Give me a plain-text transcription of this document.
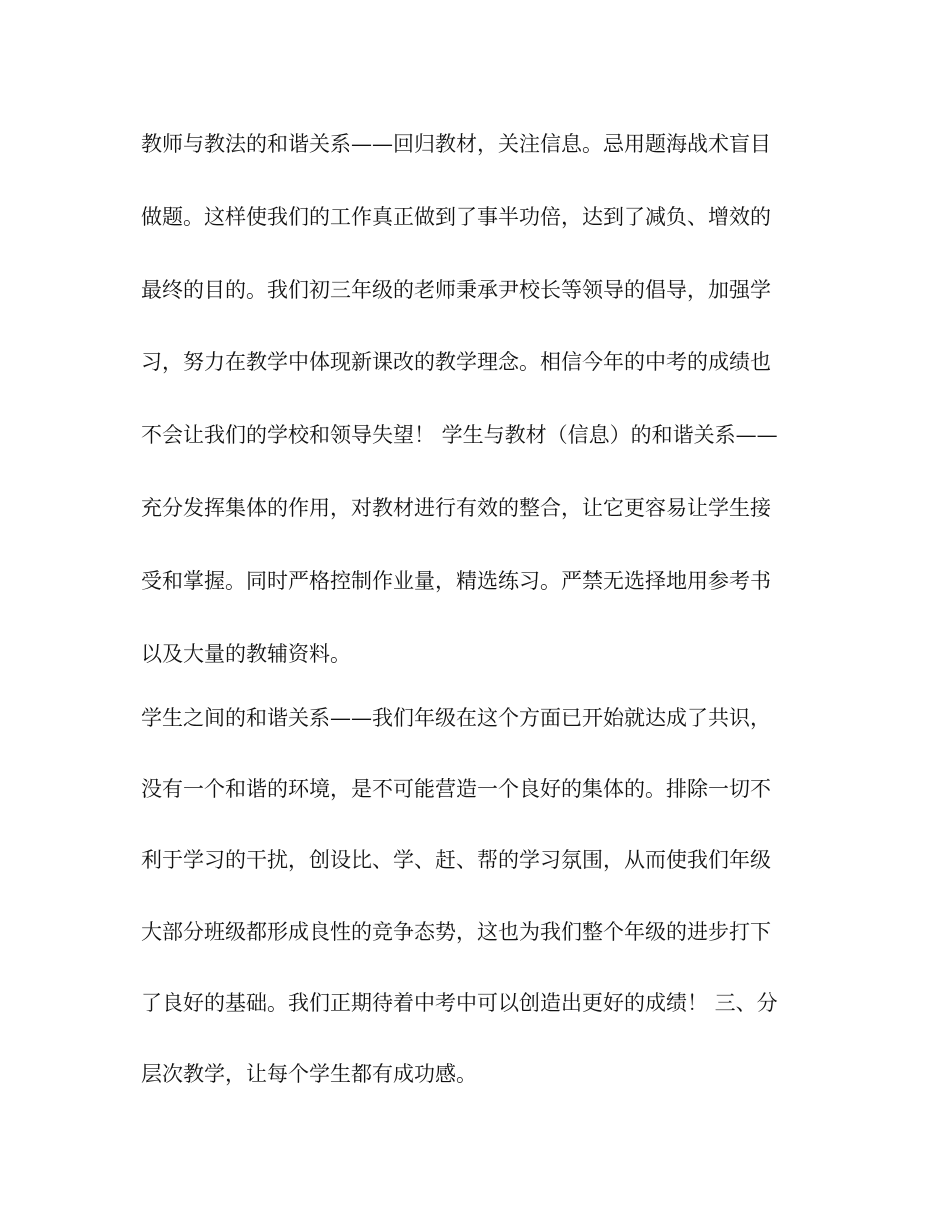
教师与教法的和谐关系——回归教材，关注信息。忌用题海战术盲目
做题。这样使我们的工作真正做到了事半功倍，达到了减负、增效的
最终的目的。我们初三年级的老师秉承尹校长等领导的倡导，加强学
习，努力在教学中体现新课改的教学理念。相信今年的中考的成绩也
不会让我们的学校和领导失望！ 学生与教材（信息）的和谐关系——
充分发挥集体的作用，对教材进行有效的整合，让它更容易让学生接
受和掌握。同时严格控制作业量，精选练习。严禁无选择地用参考书
以及大量的教辅资料。
学生之间的和谐关系——我们年级在这个方面已开始就达成了共识，
没有一个和谐的环境，是不可能营造一个良好的集体的。排除一切不
利于学习的干扰，创设比、学、赶、帮的学习氛围，从而使我们年级
大部分班级都形成良性的竞争态势，这也为我们整个年级的进步打下
了良好的基础。我们正期待着中考中可以创造出更好的成绩！ 三、分
层次教学，让每个学生都有成功感。
